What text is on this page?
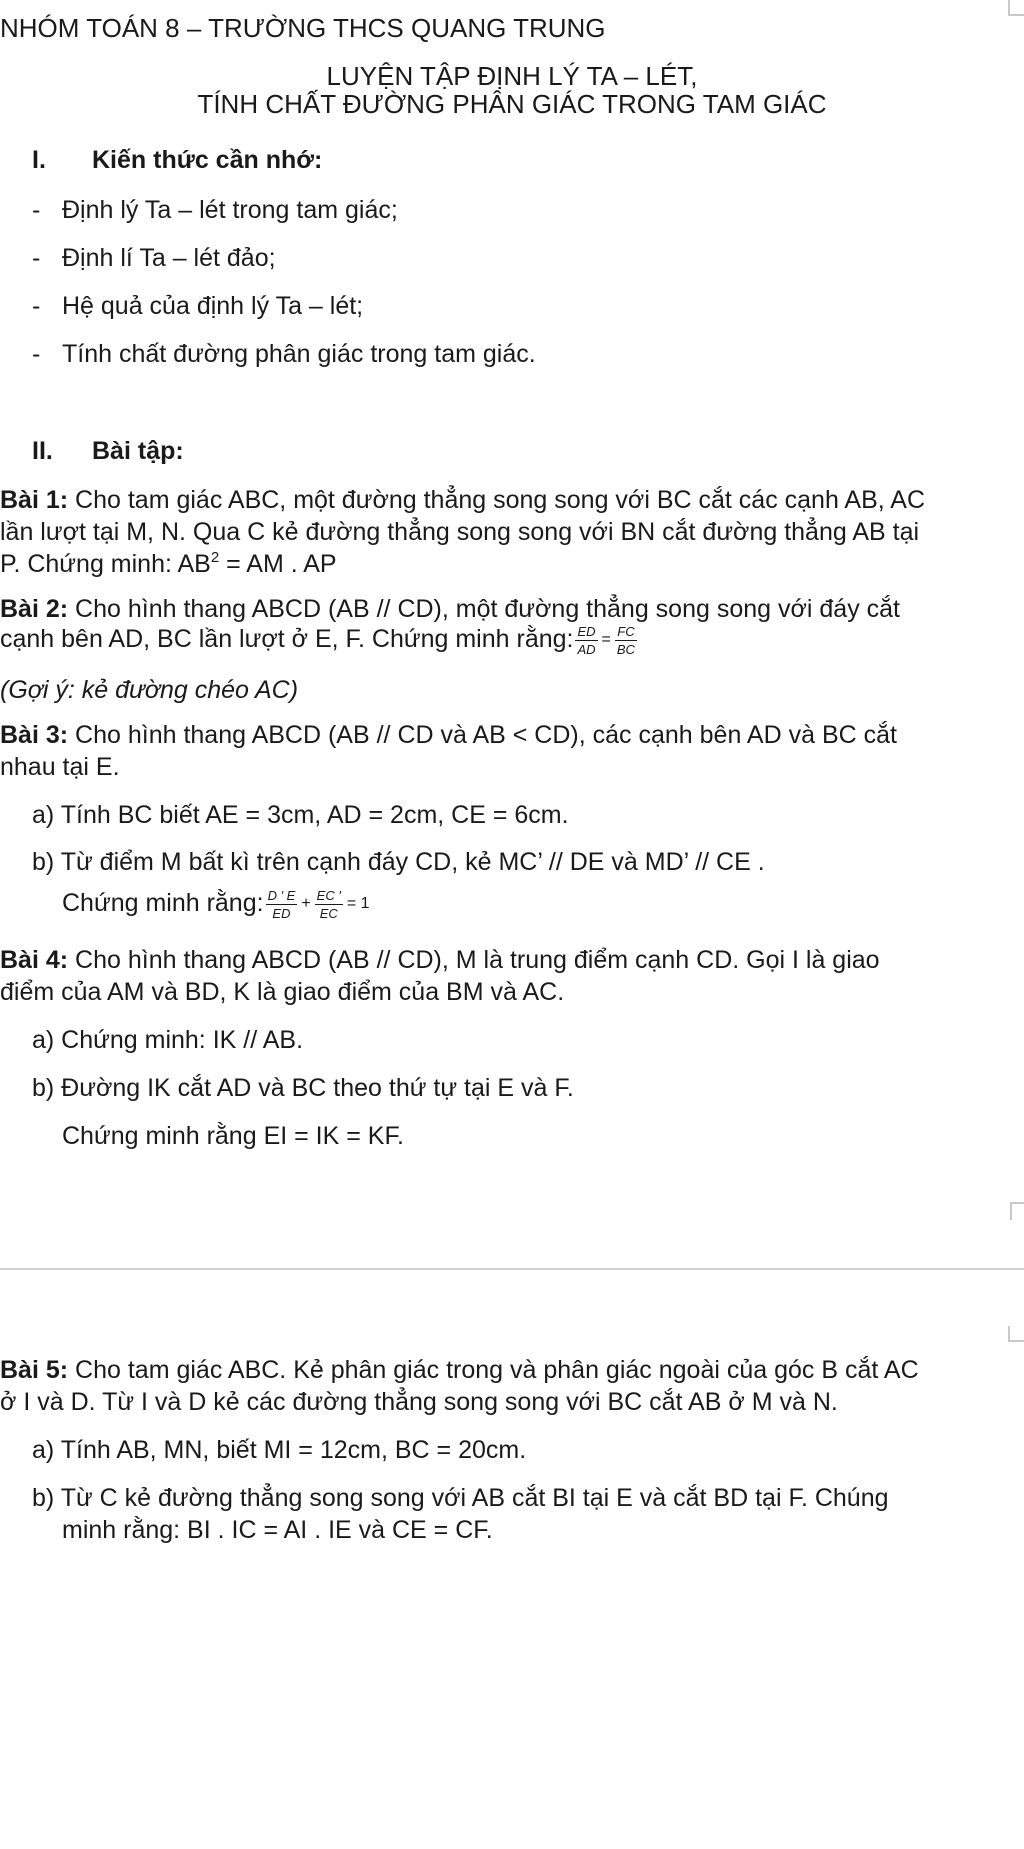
NHÓM TOÁN 8 – TRƯỜNG THCS QUANG TRUNG
LUYỆN TẬP ĐỊNH LÝ TA – LÉT,
TÍNH CHẤT ĐƯỜNG PHÂN GIÁC TRONG TAM GIÁC
I. Kiến thức cần nhớ:
- Định lý Ta – lét trong tam giác;
- Định lí Ta – lét đảo;
- Hệ quả của định lý Ta – lét;
- Tính chất đường phân giác trong tam giác.
II. Bài tập:
Bài 1: Cho tam giác ABC, một đường thẳng song song với BC cắt các cạnh AB, AC
lần lượt tại M, N. Qua C kẻ đường thẳng song song với BN cắt đường thẳng AB tại
P. Chứng minh: $AB^2$ = AM . AP
Bài 2: Cho hình thang ABCD (AB // CD), một đường thẳng song song với đáy cắt
cạnh bên AD, BC lần lượt ở E, F. Chứng minh rằng: $\frac{ED}{AD} = \frac{FC}{BC}$
(Gợi ý: kẻ đường chéo AC)
Bài 3: Cho hình thang ABCD (AB // CD và AB < CD), các cạnh bên AD và BC cắt
nhau tại E.
a) Tính BC biết AE = 3cm, AD = 2cm, CE = 6cm.
b) Từ điểm M bất kì trên cạnh đáy CD, kẻ MC’ // DE và MD’ // CE .
Chứng minh rằng: $\frac{D ' E}{ED} + \frac{EC '}{EC} = 1$
Bài 4: Cho hình thang ABCD (AB // CD), M là trung điểm cạnh CD. Gọi I là giao
điểm của AM và BD, K là giao điểm của BM và AC.
a) Chứng minh: IK // AB.
b) Đường IK cắt AD và BC theo thứ tự tại E và F.
Chứng minh rằng EI = IK = KF.
Bài 5: Cho tam giác ABC. Kẻ phân giác trong và phân giác ngoài của góc B cắt AC
ở I và D. Từ I và D kẻ các đường thẳng song song với BC cắt AB ở M và N.
a) Tính AB, MN, biết MI = 12cm, BC = 20cm.
b) Từ C kẻ đường thẳng song song với AB cắt BI tại E và cắt BD tại F. Chúng
minh rằng: BI . IC = AI . IE và CE = CF.
